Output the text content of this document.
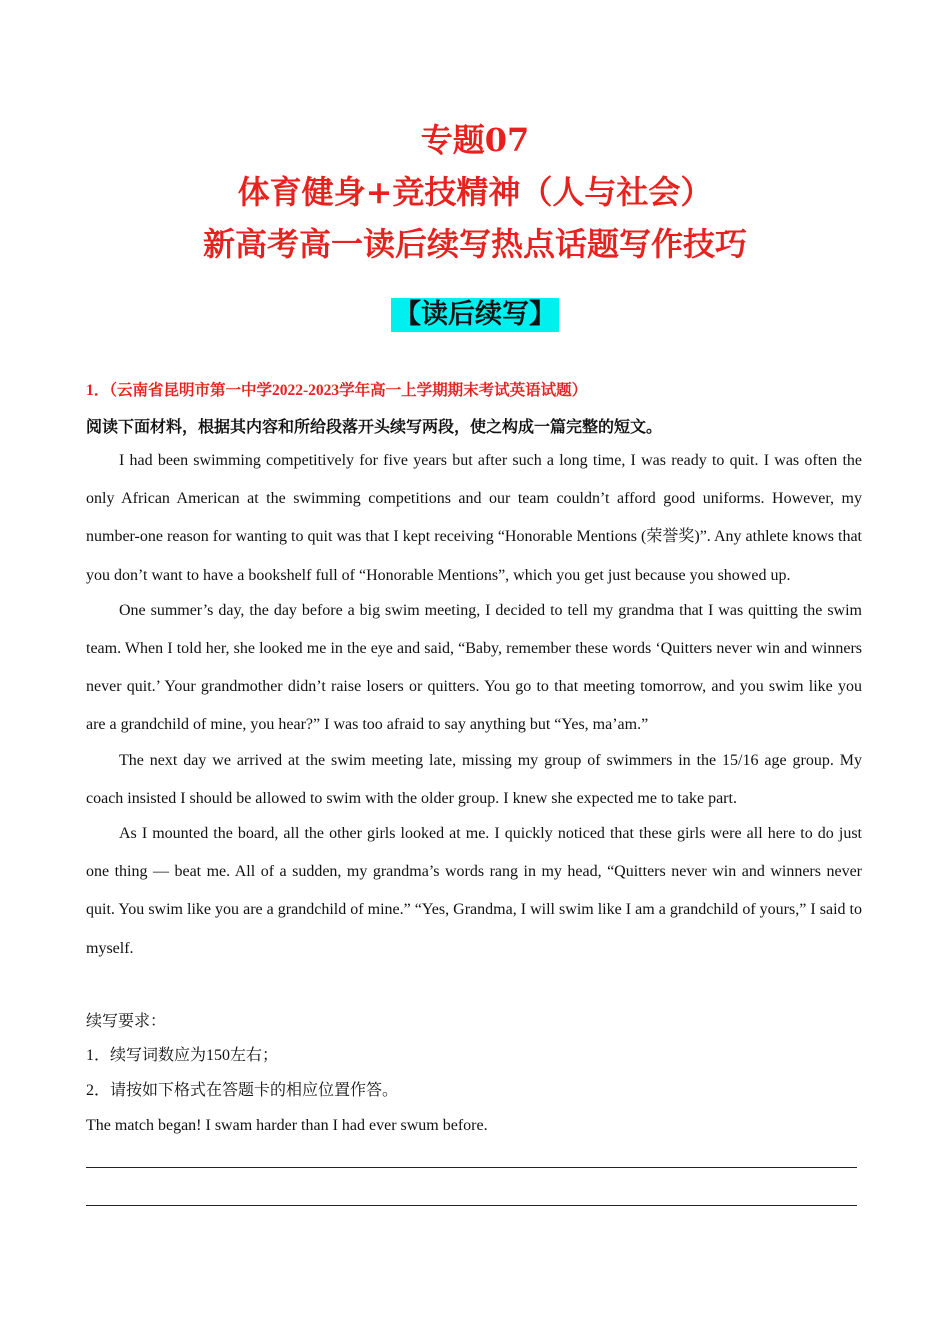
专题07
体育健身+竞技精神（人与社会）
新高考高一读后续写热点话题写作技巧
【读后续写】
1．（云南省昆明市第一中学2022-2023学年高一上学期期末考试英语试题）
阅读下面材料，根据其内容和所给段落开头续写两段，使之构成一篇完整的短文。

I had been swimming competitively for five years but after such a long time, I was ready to quit. I was often the only African American at the swimming competitions and our team couldn’t afford good uniforms. However, my number-one reason for wanting to quit was that I kept receiving “Honorable Mentions (荣誉奖)”. Any athlete knows that you don’t want to have a bookshelf full of “Honorable Mentions”, which you get just because you showed up.

One summer’s day, the day before a big swim meeting, I decided to tell my grandma that I was quitting the swim team. When I told her, she looked me in the eye and said, “Baby, remember these words ‘Quitters never win and winners never quit.’ Your grandmother didn’t raise losers or quitters. You go to that meeting tomorrow, and you swim like you are a grandchild of mine, you hear?” I was too afraid to say anything but “Yes, ma’am.”

The next day we arrived at the swim meeting late, missing my group of swimmers in the 15/16 age group. My coach insisted I should be allowed to swim with the older group. I knew she expected me to take part.

As I mounted the board, all the other girls looked at me. I quickly noticed that these girls were all here to do just one thing — beat me. All of a sudden, my grandma’s words rang in my head, “Quitters never win and winners never quit. You swim like you are a grandchild of mine.” “Yes, Grandma, I will swim like I am a grandchild of yours,” I said to myself.

续写要求：
1．续写词数应为150左右；
2．请按如下格式在答题卡的相应位置作答。
The match began! I swam harder than I had ever swum before.
